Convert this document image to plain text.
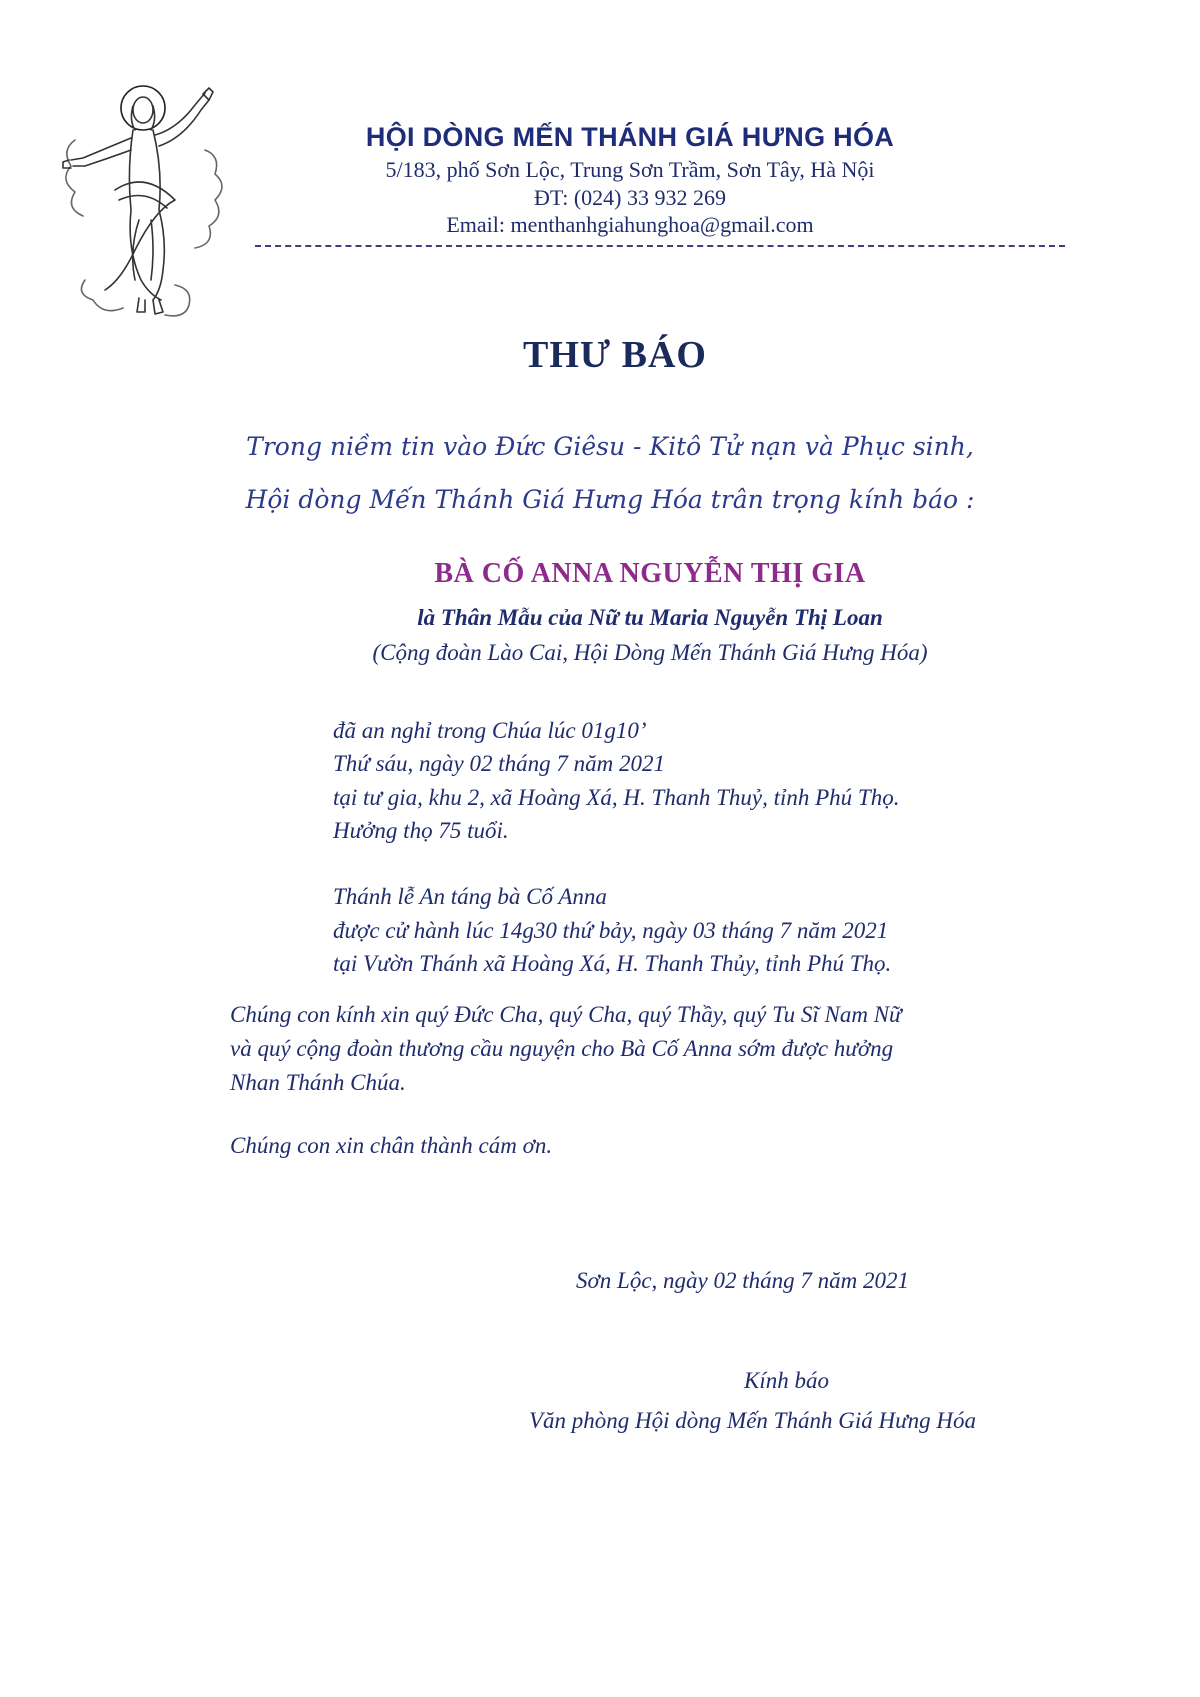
HỘI DÒNG MẾN THÁNH GIÁ HƯNG HÓA
5/183, phố Sơn Lộc, Trung Sơn Trầm, Sơn Tây, Hà Nội
ĐT: (024) 33 932 269
Email: menthanhgiahunghoa@gmail.com
THƯ BÁO
Trong niềm tin vào Đức Giêsu - Kitô Tử nạn và Phục sinh,
Hội dòng Mến Thánh Giá Hưng Hóa trân trọng kính báo :
BÀ CỐ ANNA NGUYỄN THỊ GIA
là Thân Mẫu của Nữ tu Maria Nguyễn Thị Loan
(Cộng đoàn Lào Cai, Hội Dòng Mến Thánh Giá Hưng Hóa)
đã an nghỉ trong Chúa lúc 01g10’
Thứ sáu, ngày 02 tháng 7 năm 2021
tại tư gia, khu 2, xã Hoàng Xá, H. Thanh Thuỷ, tỉnh Phú Thọ.
Hưởng thọ 75 tuổi.
Thánh lễ An táng bà Cố Anna
được cử hành lúc 14g30 thứ bảy, ngày 03 tháng 7 năm 2021
tại Vườn Thánh xã Hoàng Xá, H. Thanh Thủy, tỉnh Phú Thọ.
Chúng con kính xin quý Đức Cha, quý Cha, quý Thầy, quý Tu Sĩ Nam Nữ
và quý cộng đoàn thương cầu nguyện cho Bà Cố Anna sớm được hưởng
Nhan Thánh Chúa.
Chúng con xin chân thành cám ơn.
Sơn Lộc, ngày 02 tháng 7 năm 2021
Kính báo
Văn phòng Hội dòng Mến Thánh Giá Hưng Hóa
